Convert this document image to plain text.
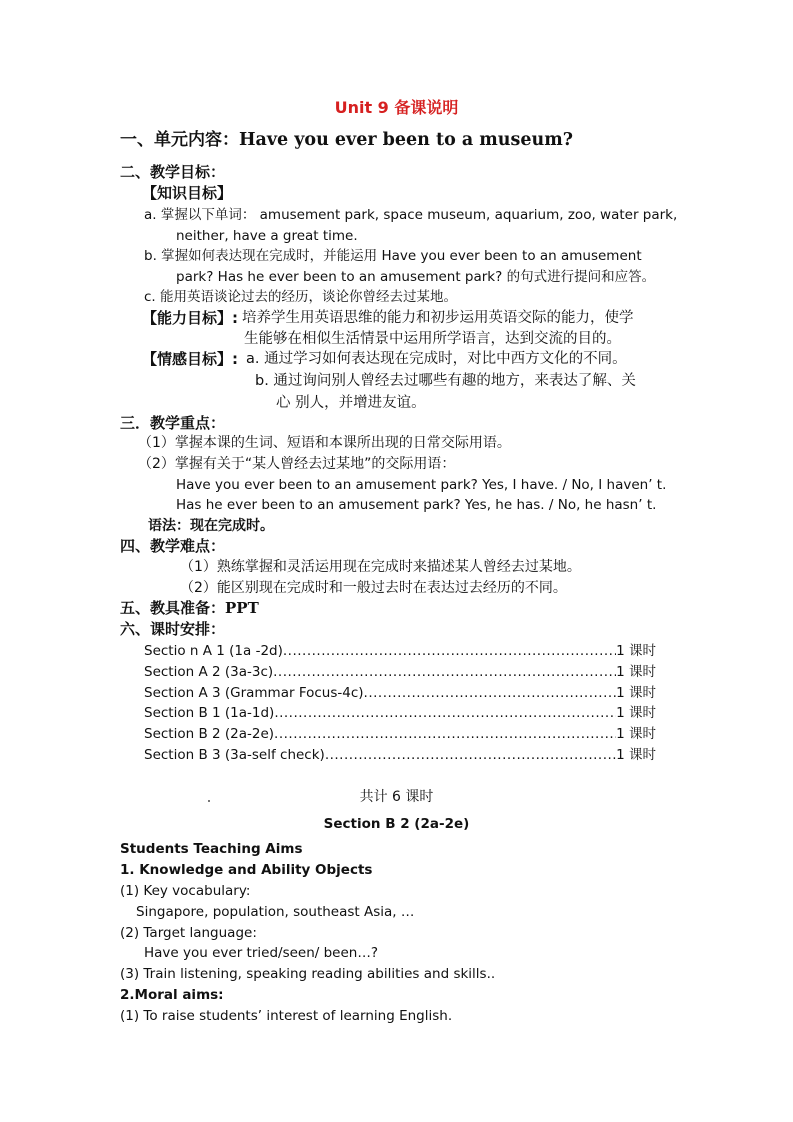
Unit 9 备课说明
一、单元内容：Have you ever been to a museum?
二、教学目标：
【知识目标】
a. 掌握以下单词： amusement park, space museum, aquarium, zoo, water park,
neither, have a great time.
b. 掌握如何表达现在完成时，并能运用 Have you ever been to an amusement
park? Has he ever been to an amusement park? 的句式进行提问和应答。
c. 能用英语谈论过去的经历，谈论你曾经去过某地。
【能力目标】: 培养学生用英语思维的能力和初步运用英语交际的能力，使学
生能够在相似生活情景中运用所学语言，达到交流的目的。
【情感目标】: a. 通过学习如何表达现在完成时，对比中西方文化的不同。
b. 通过询问别人曾经去过哪些有趣的地方，来表达了解、关
心 别人，并增进友谊。
三．教学重点：
（1）掌握本课的生词、短语和本课所出现的日常交际用语。
（2）掌握有关于“某人曾经去过某地”的交际用语：
Have you ever been to an amusement park? Yes, I have. / No, I haven’ t.
Has he ever been to an amusement park? Yes, he has. / No, he hasn’ t.
语法：现在完成时。
四、教学难点：
（1）熟练掌握和灵活运用现在完成时来描述某人曾经去过某地。
（2）能区别现在完成时和一般过去时在表达过去经历的不同。
五、教具准备：PPT
六、课时安排：
Sectio n A 1 (1a -2d) .....	1 课时
Section A 2 (3a-3c) .....	1 课时
Section A 3 (Grammar Focus-4c) .....	1 课时
Section B 1 (1a-1d) .....	1 课时
Section B 2 (2a-2e) .....	1 课时
Section B 3 (3a-self check) .....	1 课时
共计 6 课时
Section B 2 (2a-2e)
Students Teaching Aims
1. Knowledge and Ability Objects
(1) Key vocabulary:
Singapore, population, southeast Asia, …
(2) Target language:
Have you ever tried/seen/ been…?
(3) Train listening, speaking reading abilities and skills..
2.Moral aims:
(1) To raise students’ interest of learning English.
